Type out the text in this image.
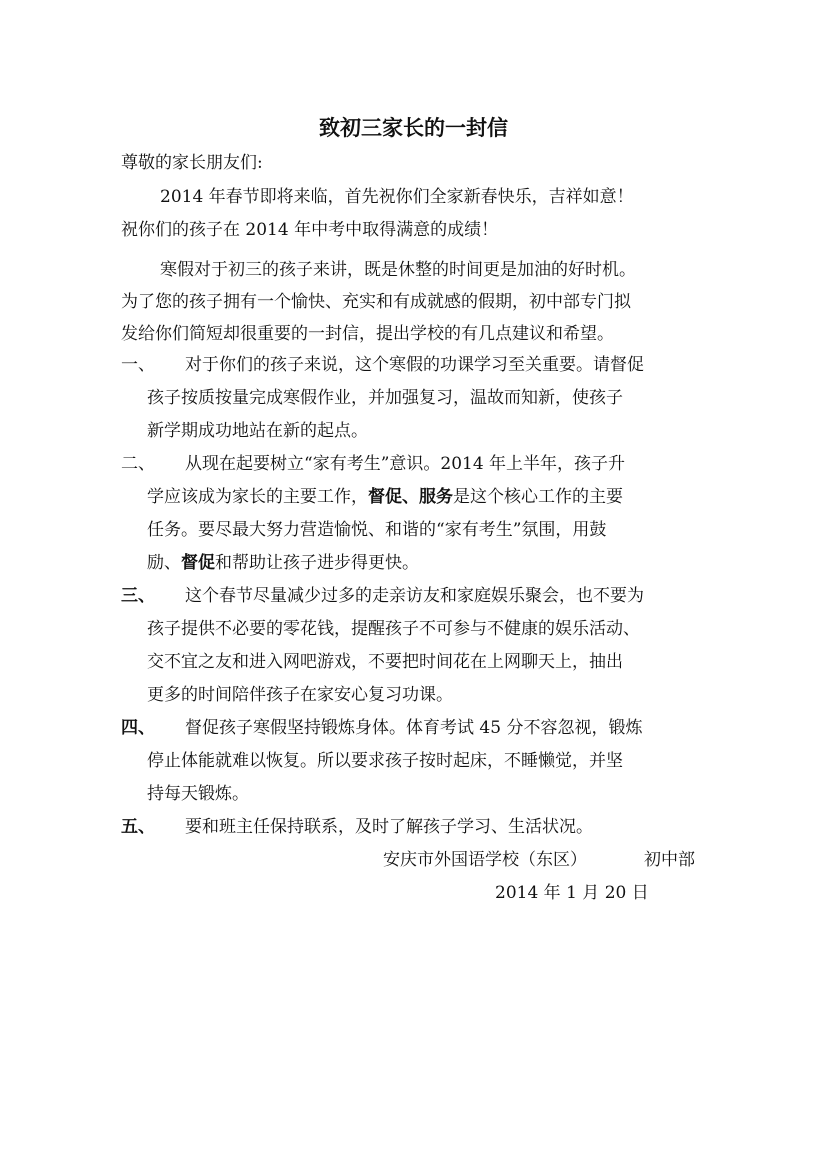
致初三家长的一封信
尊敬的家长朋友们:
2014 年春节即将来临，首先祝你们全家新春快乐，吉祥如意！
祝你们的孩子在 2014 年中考中取得满意的成绩！
寒假对于初三的孩子来讲，既是休整的时间更是加油的好时机。
为了您的孩子拥有一个愉快、充实和有成就感的假期，初中部专门拟
发给你们简短却很重要的一封信，提出学校的有几点建议和希望。
一、 对于你们的孩子来说，这个寒假的功课学习至关重要。请督促
孩子按质按量完成寒假作业，并加强复习，温故而知新，使孩子
新学期成功地站在新的起点。
二、 从现在起要树立“家有考生”意识。2014 年上半年，孩子升
学应该成为家长的主要工作，督促、服务是这个核心工作的主要
任务。要尽最大努力营造愉悦、和谐的“家有考生”氛围，用鼓
励、督促和帮助让孩子进步得更快。
三、 这个春节尽量减少过多的走亲访友和家庭娱乐聚会，也不要为
孩子提供不必要的零花钱，提醒孩子不可参与不健康的娱乐活动、
交不宜之友和进入网吧游戏，不要把时间花在上网聊天上，抽出
更多的时间陪伴孩子在家安心复习功课。
四、 督促孩子寒假坚持锻炼身体。体育考试 45 分不容忽视，锻炼
停止体能就难以恢复。所以要求孩子按时起床，不睡懒觉，并坚
持每天锻炼。
五、 要和班主任保持联系，及时了解孩子学习、生活状况。
安庆市外国语学校（东区）	初中部
2014 年 1 月 20 日
